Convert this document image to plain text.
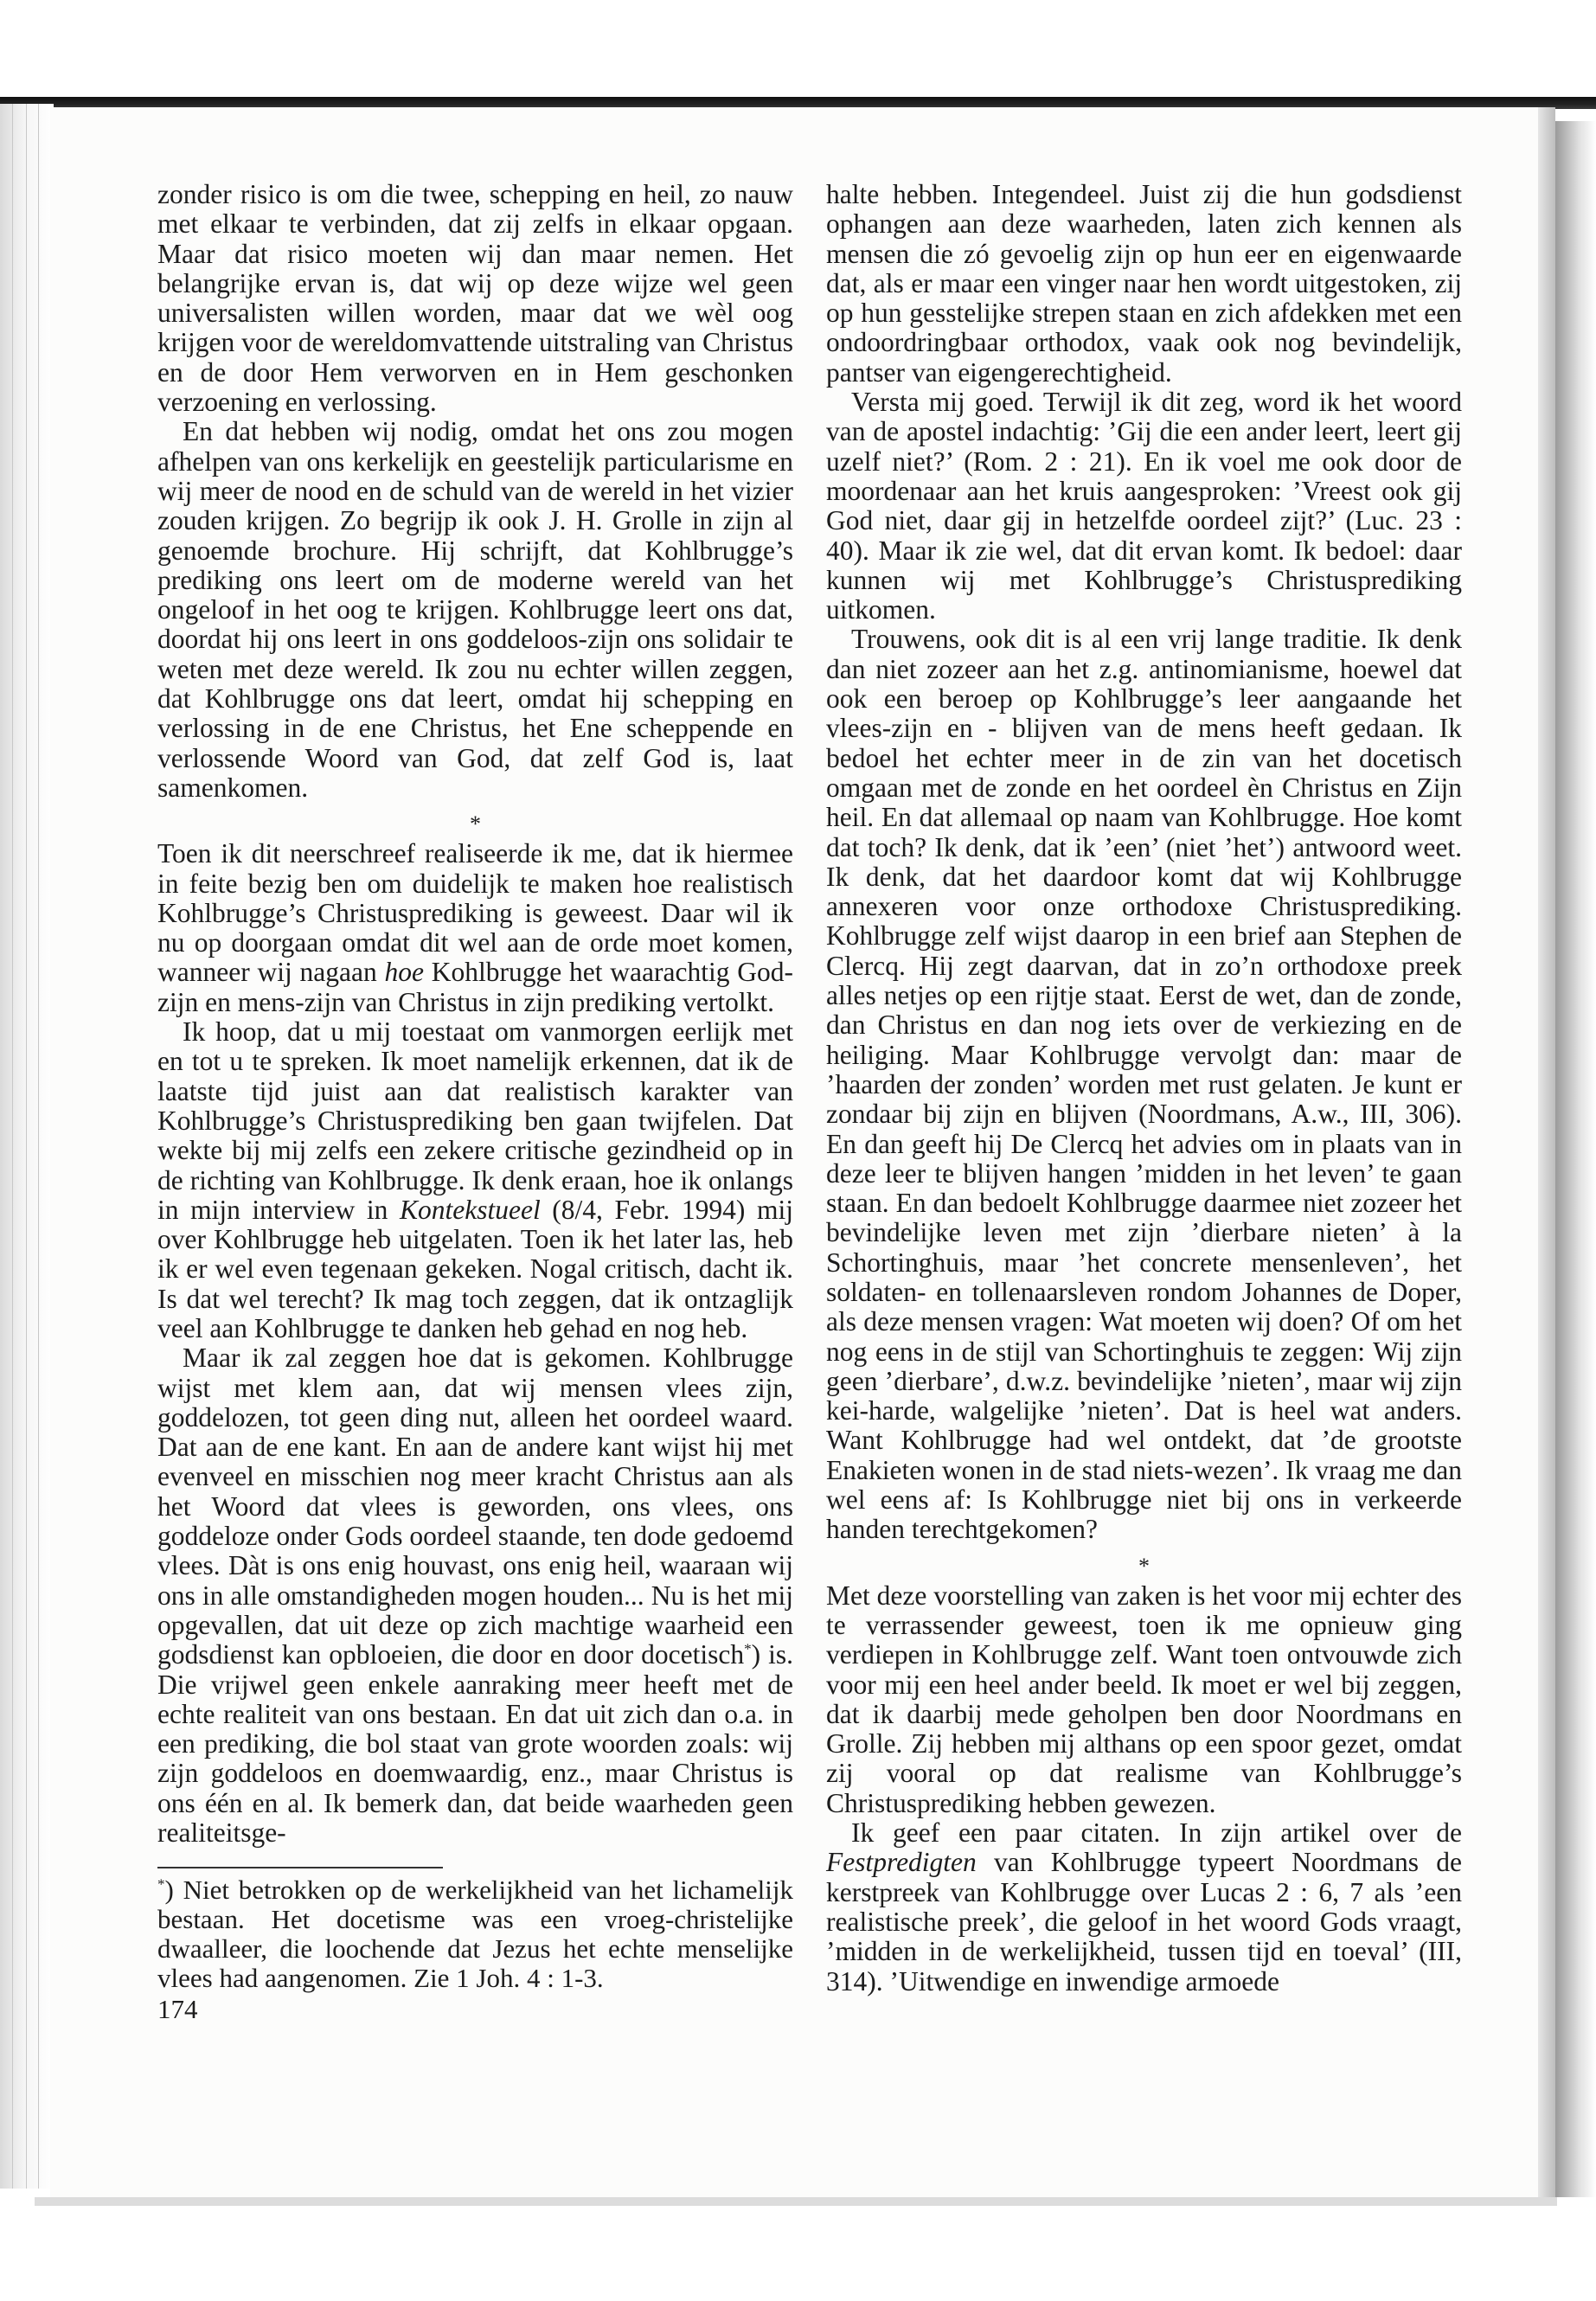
zonder risico is om die twee, schepping en heil, zo nauw met elkaar te verbinden, dat zij zelfs in elkaar opgaan. Maar dat risico moeten wij dan maar nemen. Het belangrijke ervan is, dat wij op deze wijze wel geen universalisten willen worden, maar dat we wèl oog krijgen voor de wereldomvattende uitstraling van Christus en de door Hem verworven en in Hem geschonken verzoening en verlossing.

En dat hebben wij nodig, omdat het ons zou mogen afhelpen van ons kerkelijk en geestelijk particularisme en wij meer de nood en de schuld van de wereld in het vizier zouden krijgen. Zo begrijp ik ook J. H. Grolle in zijn al genoemde brochure. Hij schrijft, dat Kohlbrugge’s prediking ons leert om de moderne wereld van het ongeloof in het oog te krijgen. Kohlbrugge leert ons dat, doordat hij ons leert in ons goddeloos-zijn ons solidair te weten met deze wereld. Ik zou nu echter willen zeggen, dat Kohlbrugge ons dat leert, omdat hij schepping en verlossing in de ene Christus, het Ene scheppende en verlossende Woord van God, dat zelf God is, laat samenkomen.

*

Toen ik dit neerschreef realiseerde ik me, dat ik hiermee in feite bezig ben om duidelijk te maken hoe realistisch Kohlbrugge’s Christusprediking is geweest. Daar wil ik nu op doorgaan omdat dit wel aan de orde moet komen, wanneer wij nagaan hoe Kohlbrugge het waarachtig God-zijn en mens-zijn van Christus in zijn prediking vertolkt.

Ik hoop, dat u mij toestaat om vanmorgen eerlijk met en tot u te spreken. Ik moet namelijk erkennen, dat ik de laatste tijd juist aan dat realistisch karakter van Kohlbrugge’s Christusprediking ben gaan twijfelen. Dat wekte bij mij zelfs een zekere critische gezindheid op in de richting van Kohlbrugge. Ik denk eraan, hoe ik onlangs in mijn interview in Kontekstueel (8/4, Febr. 1994) mij over Kohlbrugge heb uitgelaten. Toen ik het later las, heb ik er wel even tegenaan gekeken. Nogal critisch, dacht ik. Is dat wel terecht? Ik mag toch zeggen, dat ik ontzaglijk veel aan Kohlbrugge te danken heb gehad en nog heb.

Maar ik zal zeggen hoe dat is gekomen. Kohlbrugge wijst met klem aan, dat wij mensen vlees zijn, goddelozen, tot geen ding nut, alleen het oordeel waard. Dat aan de ene kant. En aan de andere kant wijst hij met evenveel en misschien nog meer kracht Christus aan als het Woord dat vlees is geworden, ons vlees, ons goddeloze onder Gods oordeel staande, ten dode gedoemd vlees. Dàt is ons enig houvast, ons enig heil, waaraan wij ons in alle omstandigheden mogen houden... Nu is het mij opgevallen, dat uit deze op zich machtige waarheid een godsdienst kan opbloeien, die door en door docetisch*) is. Die vrijwel geen enkele aanraking meer heeft met de echte realiteit van ons bestaan. En dat uit zich dan o.a. in een prediking, die bol staat van grote woorden zoals: wij zijn goddeloos en doemwaardig, enz., maar Christus is ons één en al. Ik bemerk dan, dat beide waarheden geen realiteitsge-

*) Niet betrokken op de werkelijkheid van het lichamelijk bestaan. Het docetisme was een vroeg-christelijke dwaalleer, die loochende dat Jezus het echte menselijke vlees had aangenomen. Zie 1 Joh. 4 : 1-3.

174

halte hebben. Integendeel. Juist zij die hun godsdienst ophangen aan deze waarheden, laten zich kennen als mensen die zó gevoelig zijn op hun eer en eigenwaarde dat, als er maar een vinger naar hen wordt uitgestoken, zij op hun gesstelijke strepen staan en zich afdekken met een ondoordringbaar orthodox, vaak ook nog bevindelijk, pantser van eigengerechtigheid.

Versta mij goed. Terwijl ik dit zeg, word ik het woord van de apostel indachtig: ’Gij die een ander leert, leert gij uzelf niet?’ (Rom. 2 : 21). En ik voel me ook door de moordenaar aan het kruis aangesproken: ’Vreest ook gij God niet, daar gij in hetzelfde oordeel zijt?’ (Luc. 23 : 40). Maar ik zie wel, dat dit ervan komt. Ik bedoel: daar kunnen wij met Kohlbrugge’s Christusprediking uitkomen.

Trouwens, ook dit is al een vrij lange traditie. Ik denk dan niet zozeer aan het z.g. antinomianisme, hoewel dat ook een beroep op Kohlbrugge’s leer aangaande het vlees-zijn en - blijven van de mens heeft gedaan. Ik bedoel het echter meer in de zin van het docetisch omgaan met de zonde en het oordeel èn Christus en Zijn heil. En dat allemaal op naam van Kohlbrugge. Hoe komt dat toch? Ik denk, dat ik ’een’ (niet ’het’) antwoord weet. Ik denk, dat het daardoor komt dat wij Kohlbrugge annexeren voor onze orthodoxe Christusprediking. Kohlbrugge zelf wijst daarop in een brief aan Stephen de Clercq. Hij zegt daarvan, dat in zo’n orthodoxe preek alles netjes op een rijtje staat. Eerst de wet, dan de zonde, dan Christus en dan nog iets over de verkiezing en de heiliging. Maar Kohlbrugge vervolgt dan: maar de ’haarden der zonden’ worden met rust gelaten. Je kunt er zondaar bij zijn en blijven (Noordmans, A.w., III, 306). En dan geeft hij De Clercq het advies om in plaats van in deze leer te blijven hangen ’midden in het leven’ te gaan staan. En dan bedoelt Kohlbrugge daarmee niet zozeer het bevindelijke leven met zijn ’dierbare nieten’ à la Schortinghuis, maar ’het concrete mensenleven’, het soldaten- en tollenaarsleven rondom Johannes de Doper, als deze mensen vragen: Wat moeten wij doen? Of om het nog eens in de stijl van Schortinghuis te zeggen: Wij zijn geen ’dierbare’, d.w.z. bevindelijke ’nieten’, maar wij zijn kei-harde, walgelijke ’nieten’. Dat is heel wat anders. Want Kohlbrugge had wel ontdekt, dat ’de grootste Enakieten wonen in de stad niets-wezen’. Ik vraag me dan wel eens af: Is Kohlbrugge niet bij ons in verkeerde handen terechtgekomen?

*

Met deze voorstelling van zaken is het voor mij echter des te verrassender geweest, toen ik me opnieuw ging verdiepen in Kohlbrugge zelf. Want toen ontvouwde zich voor mij een heel ander beeld. Ik moet er wel bij zeggen, dat ik daarbij mede geholpen ben door Noordmans en Grolle. Zij hebben mij althans op een spoor gezet, omdat zij vooral op dat realisme van Kohlbrugge’s Christusprediking hebben gewezen.

Ik geef een paar citaten. In zijn artikel over de Festpredigten van Kohlbrugge typeert Noordmans de kerstpreek van Kohlbrugge over Lucas 2 : 6, 7 als ’een realistische preek’, die geloof in het woord Gods vraagt, ’midden in de werkelijkheid, tussen tijd en toeval’ (III, 314). ’Uitwendige en inwendige armoede
